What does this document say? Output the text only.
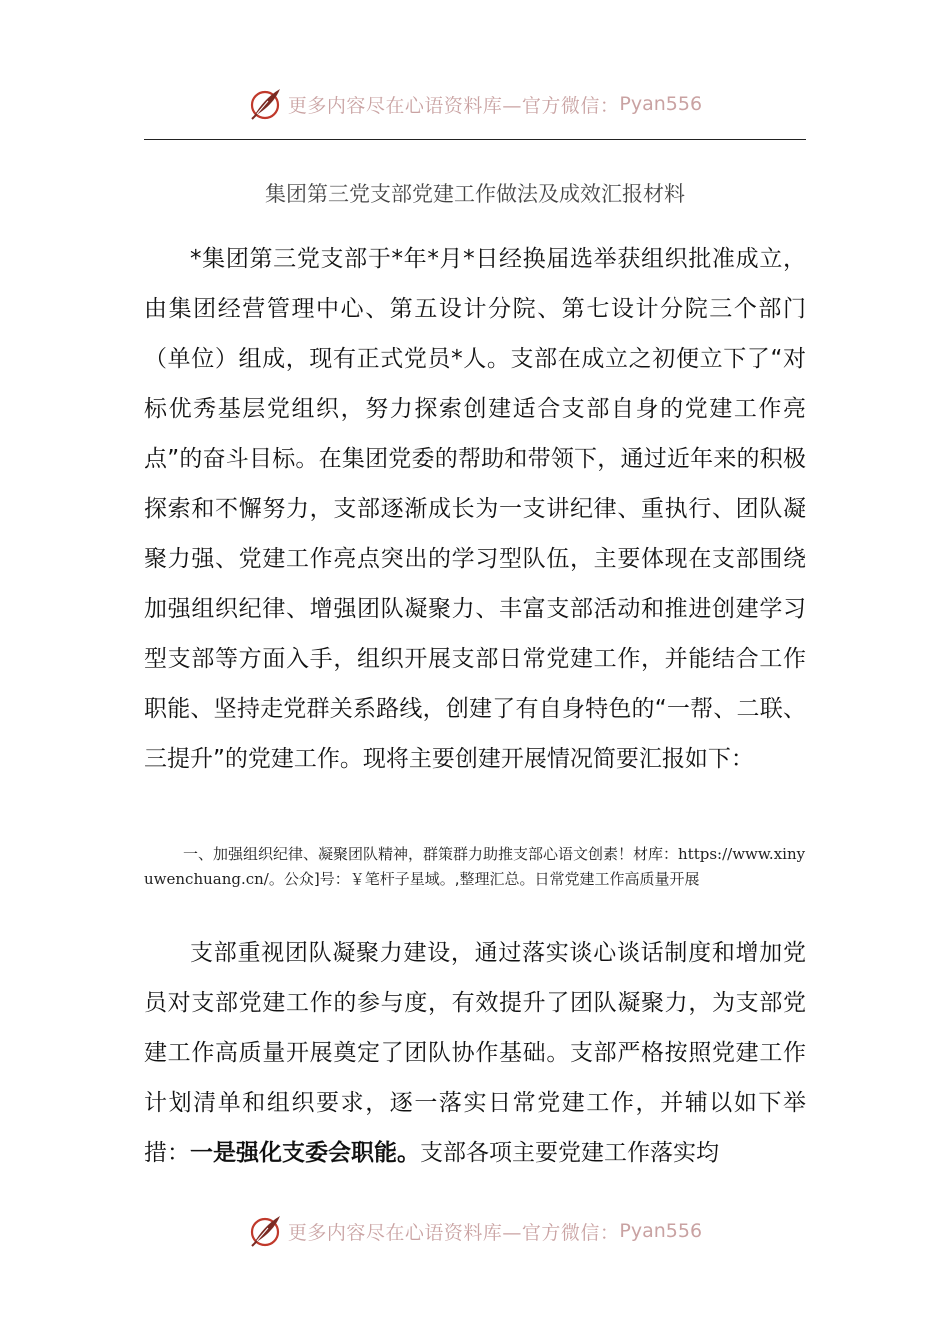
更多内容尽在心语资料库—官方微信： Pyan556
集团第三党支部党建工作做法及成效汇报材料

*集团第三党支部于*年*月*日经换届选举获组织批准成立，由集团经营管理中心、第五设计分院、第七设计分院三个部门（单位）组成，现有正式党员*人。支部在成立之初便立下了“对标优秀基层党组织，努力探索创建适合支部自身的党建工作亮点”的奋斗目标。在集团党委的帮助和带领下，通过近年来的积极探索和不懈努力，支部逐渐成长为一支讲纪律、重执行、团队凝聚力强、党建工作亮点突出的学习型队伍，主要体现在支部围绕加强组织纪律、增强团队凝聚力、丰富支部活动和推进创建学习型支部等方面入手，组织开展支部日常党建工作，并能结合工作职能、坚持走党群关系路线，创建了有自身特色的“一帮、二联、三提升”的党建工作。现将主要创建开展情况简要汇报如下：

一、加强组织纪律、凝聚团队精神，群策群力助推支部心语文创素！材库：https://www.xinyuwenchuang.cn/。公众]号：￥笔杆子星域。,整理汇总。日常党建工作高质量开展

支部重视团队凝聚力建设，通过落实谈心谈话制度和增加党员对支部党建工作的参与度，有效提升了团队凝聚力，为支部党建工作高质量开展奠定了团队协作基础。支部严格按照党建工作计划清单和组织要求，逐一落实日常党建工作，并辅以如下举措：一是强化支委会职能。支部各项主要党建工作落实均

更多内容尽在心语资料库—官方微信： Pyan556
